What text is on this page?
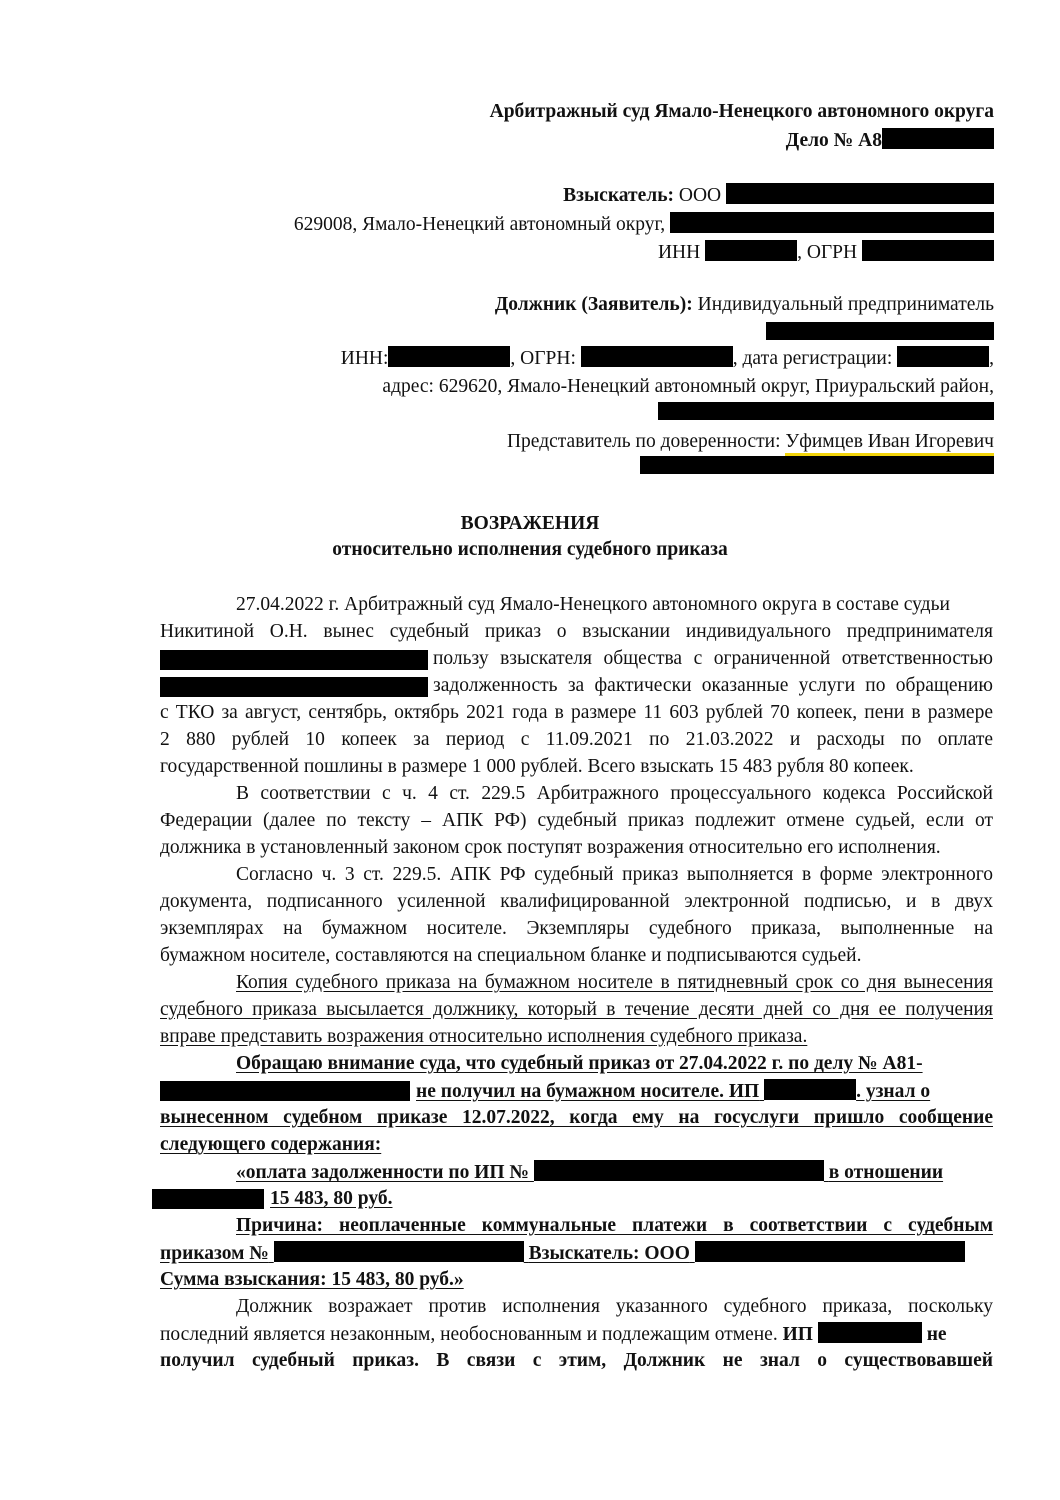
Арбитражный суд Ямало-Ненецкого автономного округа
Дело № А8
Взыскатель: ООО
629008, Ямало-Ненецкий автономный округ,
ИНН	, ОГРН
Должник (Заявитель): Индивидуальный предприниматель
ИНН:	, ОГРН:	, дата регистрации:	,
адрес: 629620, Ямало-Ненецкий автономный округ, Приуральский район,
Представитель по доверенности: Уфимцев Иван Игоревич
ВОЗРАЖЕНИЯ
относительно исполнения судебного приказа
27.04.2022 г. Арбитражный суд Ямало-Ненецкого автономного округа в составе судьи
Никитиной О.Н. вынес судебный приказ о взыскании индивидуального предпринимателя
пользу взыскателя общества с ограниченной ответственностью
задолженность за фактически оказанные услуги по обращению
с ТКО за август, сентябрь, октябрь 2021 года в размере 11 603 рублей 70 копеек, пени в размере
2 880 рублей 10 копеек за период с 11.09.2021 по 21.03.2022 и расходы по оплате
государственной пошлины в размере 1 000 рублей. Всего взыскать 15 483 рубля 80 копеек.
В соответствии с ч. 4 ст. 229.5 Арбитражного процессуального кодекса Российской
Федерации (далее по тексту – АПК РФ) судебный приказ подлежит отмене судьей, если от
должника в установленный законом срок поступят возражения относительно его исполнения.
Согласно ч. 3 ст. 229.5. АПК РФ судебный приказ выполняется в форме электронного
документа, подписанного усиленной квалифицированной электронной подписью, и в двух
экземплярах на бумажном носителе. Экземпляры судебного приказа, выполненные на
бумажном носителе, составляются на специальном бланке и подписываются судьей.
Копия судебного приказа на бумажном носителе в пятидневный срок со дня вынесения
судебного приказа высылается должнику, который в течение десяти дней со дня ее получения
вправе представить возражения относительно исполнения судебного приказа.
Обращаю внимание суда, что судебный приказ от 27.04.2022 г. по делу № А81-
не получил на бумажном носителе. ИП	. узнал о
вынесенном судебном приказе 12.07.2022, когда ему на госуслуги пришло сообщение
следующего содержания:
«оплата задолженности по ИП №	в отношении
15 483, 80 руб.
Причина: неоплаченные коммунальные платежи в соответствии с судебным
приказом №	Взыскатель: ООО
Сумма взыскания: 15 483, 80 руб.»
Должник возражает против исполнения указанного судебного приказа, поскольку
последний является незаконным, необоснованным и подлежащим отмене. ИП	не
получил судебный приказ. В связи с этим, Должник не знал о существовавшей
